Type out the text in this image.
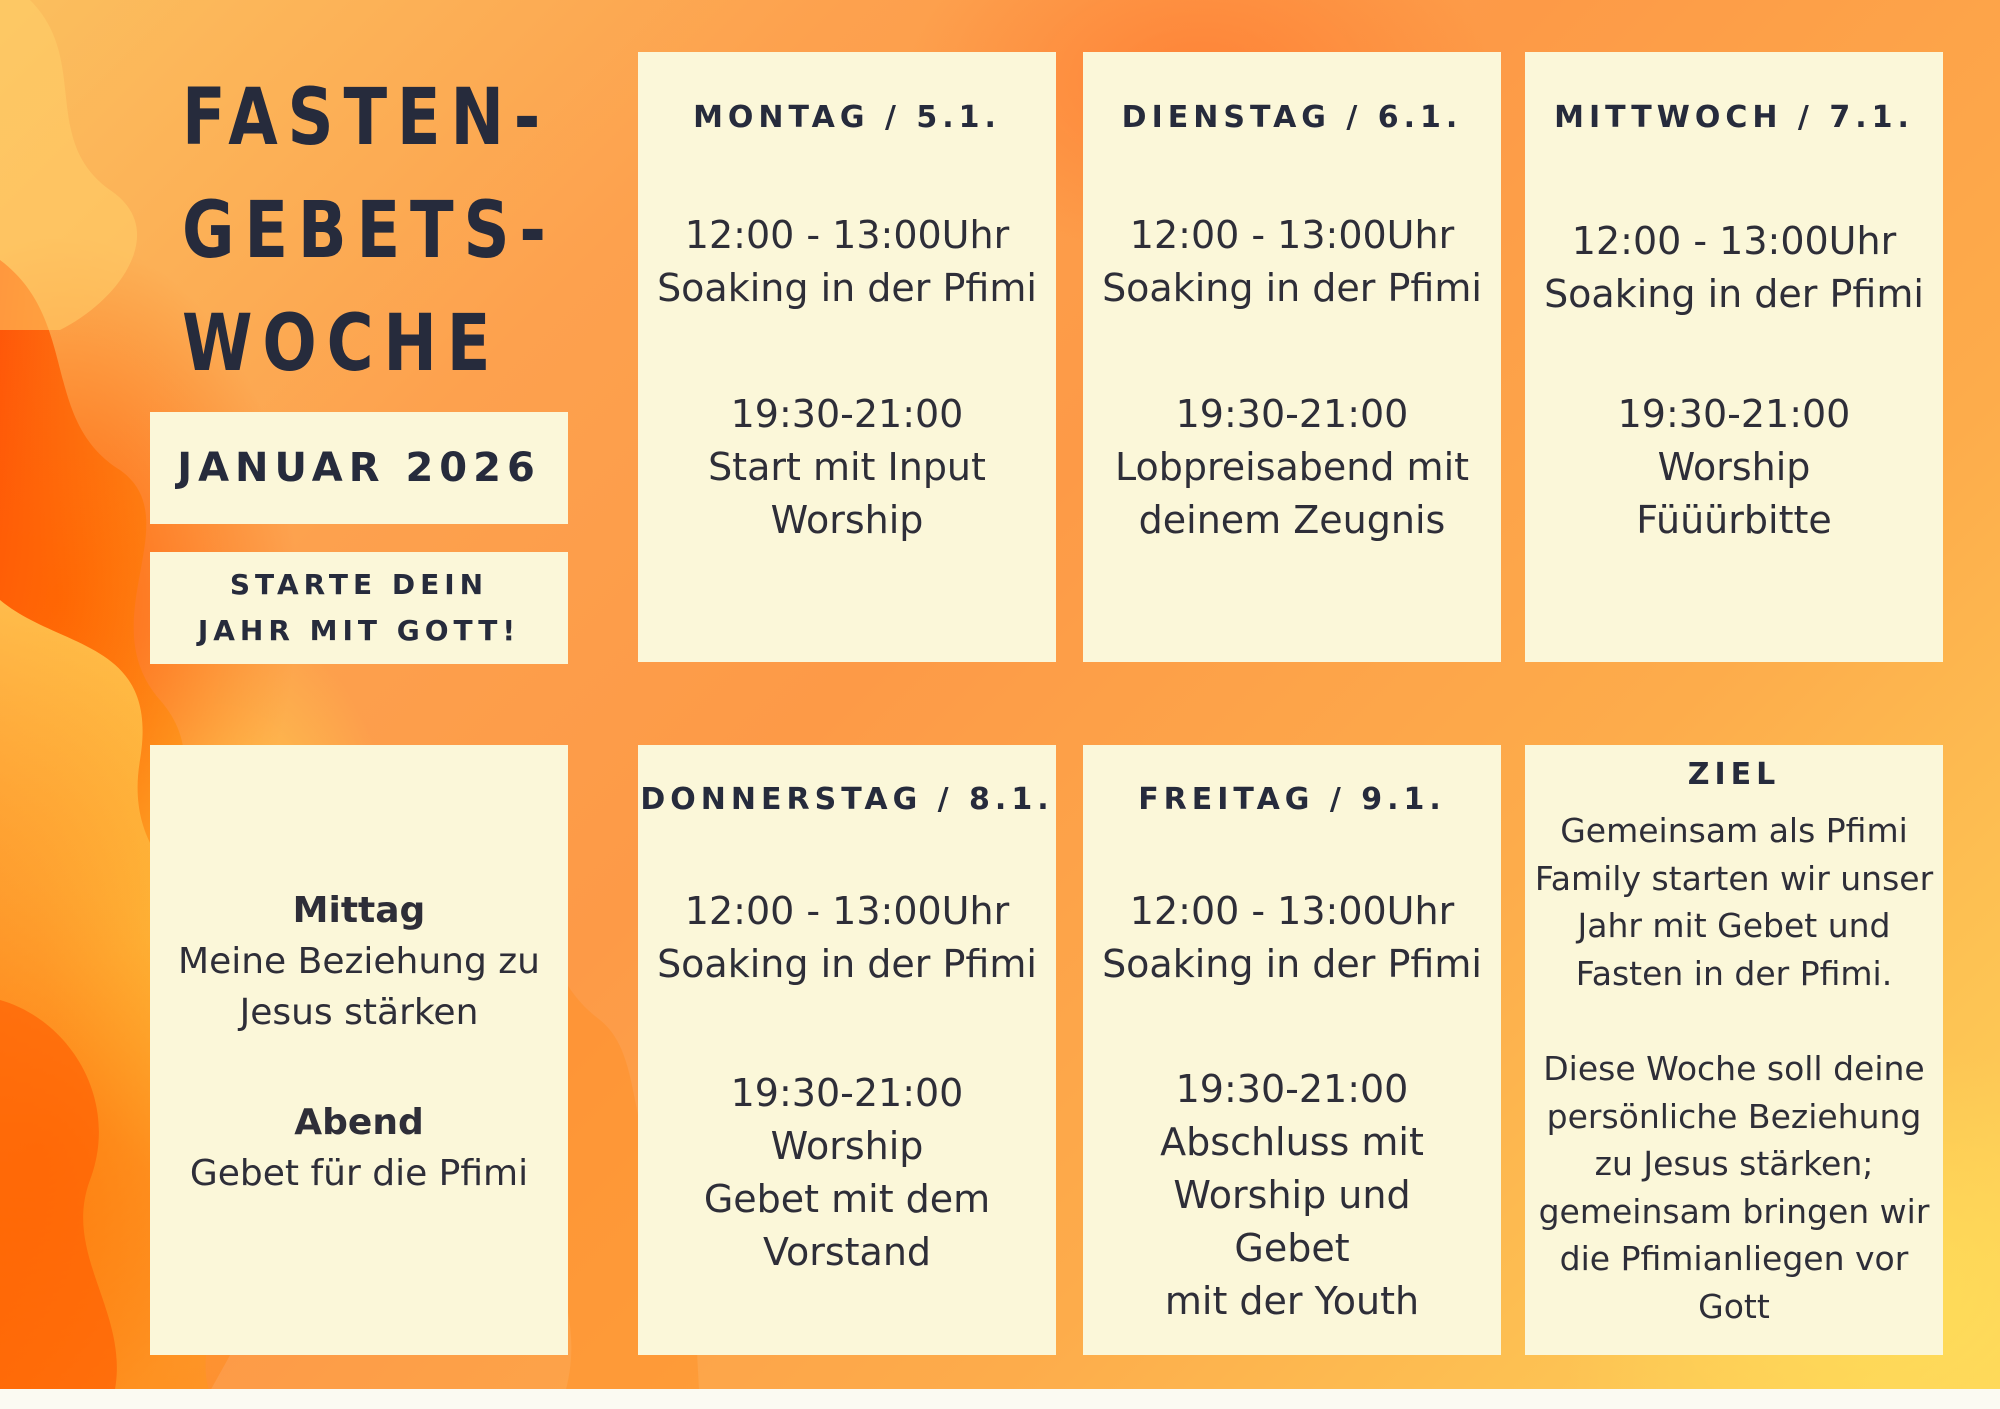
FASTEN-
GEBETS-
WOCHE
JANUAR 2026
STARTE DEIN
JAHR MIT GOTT!
MONTAG / 5.1.
12:00 - 13:00Uhr
Soaking in der Pfimi
19:30-21:00
Start mit Input
Worship
DIENSTAG / 6.1.
12:00 - 13:00Uhr
Soaking in der Pfimi
19:30-21:00
Lobpreisabend mit
deinem Zeugnis
MITTWOCH / 7.1.
12:00 - 13:00Uhr
Soaking in der Pfimi
19:30-21:00
Worship
Füüürbitte
Mittag
Meine Beziehung zu
Jesus stärken
Abend
Gebet für die Pfimi
DONNERSTAG / 8.1.
12:00 - 13:00Uhr
Soaking in der Pfimi
19:30-21:00
Worship
Gebet mit dem
Vorstand
FREITAG / 9.1.
12:00 - 13:00Uhr
Soaking in der Pfimi
19:30-21:00
Abschluss mit
Worship und
Gebet
mit der Youth
ZIEL
Gemeinsam als Pfimi
Family starten wir unser
Jahr mit Gebet und
Fasten in der Pfimi.
Diese Woche soll deine
persönliche Beziehung
zu Jesus stärken;
gemeinsam bringen wir
die Pfimianliegen vor
Gott
